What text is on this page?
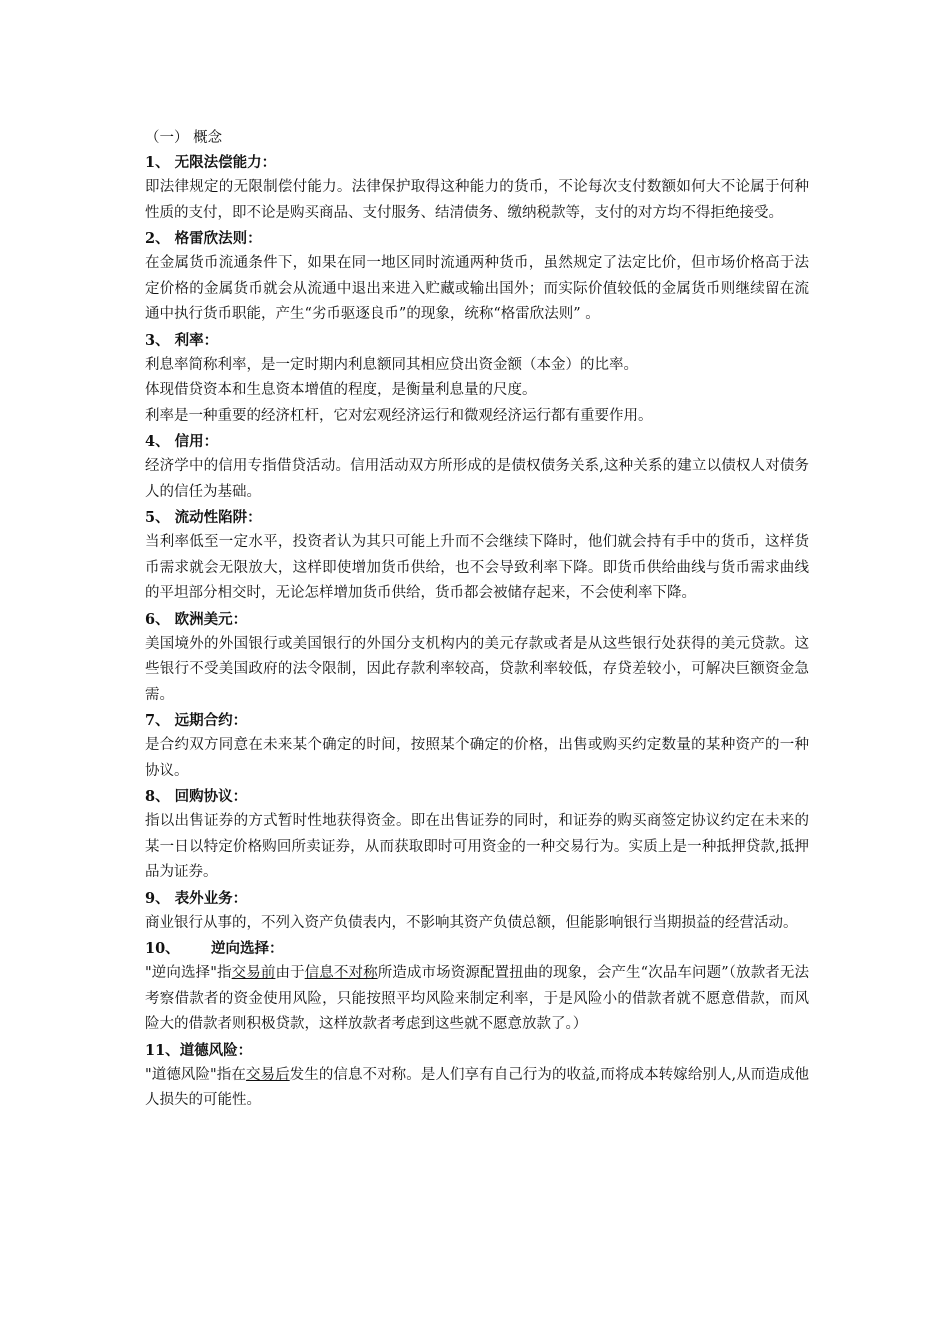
（一） 概念
1、 无限法偿能力：

即法律规定的无限制偿付能力。法律保护取得这种能力的货币，不论每次支付数额如何大不论属于何种性质的支付，即不论是购买商品、支付服务、结清债务、缴纳税款等，支付的对方均不得拒绝接受。

2、 格雷欣法则：

在金属货币流通条件下，如果在同一地区同时流通两种货币，虽然规定了法定比价，但市场价格高于法定价格的金属货币就会从流通中退出来进入贮藏或输出国外；而实际价值较低的金属货币则继续留在流通中执行货币职能，产生“劣币驱逐良币”的现象，统称“格雷欣法则” 。

3、 利率：

利息率简称利率，是一定时期内利息额同其相应贷出资金额（本金）的比率。

体现借贷资本和生息资本增值的程度，是衡量利息量的尺度。

利率是一种重要的经济杠杆，它对宏观经济运行和微观经济运行都有重要作用。

4、 信用：

经济学中的信用专指借贷活动。信用活动双方所形成的是债权债务关系,这种关系的建立以债权人对债务人的信任为基础。

5、 流动性陷阱：

当利率低至一定水平，投资者认为其只可能上升而不会继续下降时，他们就会持有手中的货币，这样货币需求就会无限放大，这样即使增加货币供给，也不会导致利率下降。即货币供给曲线与货币需求曲线的平坦部分相交时，无论怎样增加货币供给，货币都会被储存起来，不会使利率下降。

6、 欧洲美元：

美国境外的外国银行或美国银行的外国分支机构内的美元存款或者是从这些银行处获得的美元贷款。这些银行不受美国政府的法令限制，因此存款利率较高，贷款利率较低，存贷差较小，可解决巨额资金急需。

7、 远期合约：

是合约双方同意在未来某个确定的时间，按照某个确定的价格，出售或购买约定数量的某种资产的一种协议。

8、 回购协议：

指以出售证券的方式暂时性地获得资金。即在出售证券的同时，和证券的购买商签定协议约定在未来的某一日以特定价格购回所卖证券，从而获取即时可用资金的一种交易行为。实质上是一种抵押贷款,抵押品为证券。

9、 表外业务：

商业银行从事的，不列入资产负债表内，不影响其资产负债总额，但能影响银行当期损益的经营活动。

10、 逆向选择：

"逆向选择"指交易前由于信息不对称所造成市场资源配置扭曲的现象，会产生“次品车问题”（放款者无法考察借款者的资金使用风险，只能按照平均风险来制定利率，于是风险小的借款者就不愿意借款，而风险大的借款者则积极贷款，这样放款者考虑到这些就不愿意放款了。）

11、道德风险：

"道德风险"指在交易后发生的信息不对称。是人们享有自己行为的收益,而将成本转嫁给别人,从而造成他人损失的可能性。
